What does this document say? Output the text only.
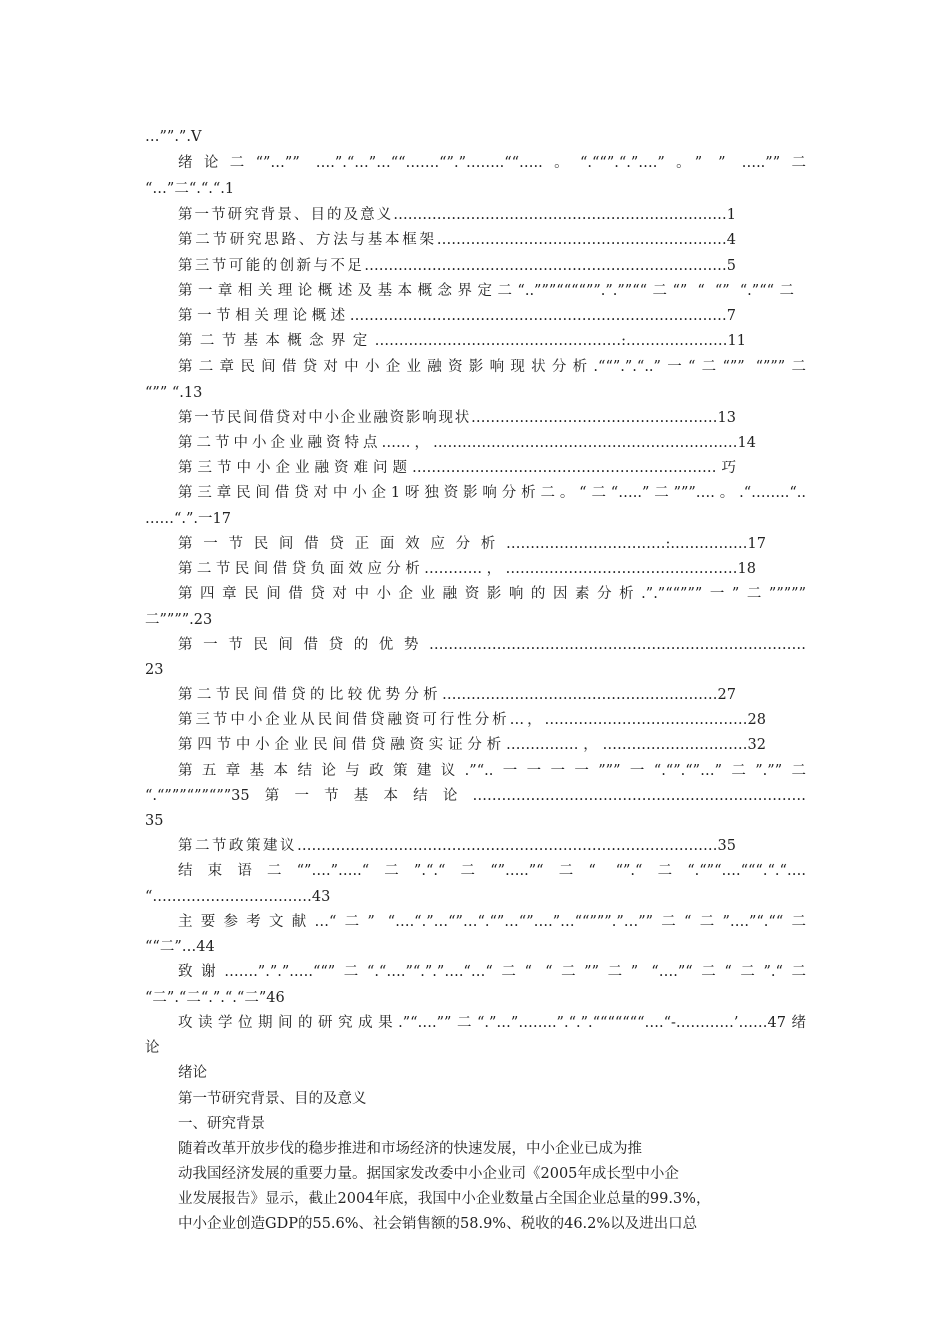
…””.”.V
绪论二“”…”” ….”.“…”…““…….“”.”……..““…..。“.““”.“.”….”。” ” …..””二
“…”二“.“.“.1
第一节研究背景、目的及意义……………………………………………………………1
第二节研究思路、方法与基本框架……………………………………………………4
第三节可能的创新与不足…………………………………………………………………5
第一章相关理论概述及基本概念界定二“..”””““““””.”.””““二“” “ “” “.”““二
第一节相关理论概述……………………………………………………………………7
第二节基本概念界定……………………………………………:…………………11
第二章民间借贷对中小企业融资影响现状分析.““”.”.“..”一“二“”” “”””二
“”” “.13
第一节民间借贷对中小企业融资影响现状……………………………………………13
第二节中小企业融资特点……，………………………………………………………14
第三节中小企业融资难问题………………………………………………………巧
第三章民间借贷对中小企1呀独资影响分析二。“二“…..”二”””….。.“……..“..
……“.”.一17
第一节民间借贷正面效应分析……………………………:.……………17
第二节民间借贷负面效应分析…………，…………………………………………18
第四章民间借贷对中小企业融资影响的因素分析.”.”““”””一”二”””””
二””””.23
第一节民间借贷的优势……………………………………………………………………
23
第二节民间借贷的比较优势分析…………………………………………………27
第三节中小企业从民间借贷融资可行性分析…，……………………………………28
第四节中小企业民间借贷融资实证分析……………，…………………………32
第五章基本结论与政策建议.”“..一一一一”””一“.“”.“”…”二”.””二
“.“”””“””“””35第一节基本结论……………………………………………………………
35
第二节政策建议……………………………………………………………………………35
结束语二“”….”…..“二”.“.“二“”…..”“二“ “”.“二“.“”“….“““.“.“….
“……………………………43
主要参考文献…“二” “….“.”…“”…“.“”…“”….”…““”””.”…””二“二”….”“.““二
““二”…44
致谢…….”.”.”.….““”二“.“….”“.”.”….“…“二“ “二””二” “….”“二“二”.“二
“二”.“二“.”.“.“二”46
攻读学位期间的研究成果.”“….””二“.”…”……..”.“.”.“““““““….“-…………’……47绪
论
绪论
第一节研究背景、目的及意义
一、研究背景
随着改革开放步伐的稳步推进和市场经济的快速发展，中小企业已成为推
动我国经济发展的重要力量。据国家发改委中小企业司《2005年成长型中小企
业发展报告》显示，截止2004年底，我国中小企业数量占全国企业总量的99.3%，
中小企业创造GDP的55.6%、社会销售额的58.9%、税收的46.2%以及进出口总
